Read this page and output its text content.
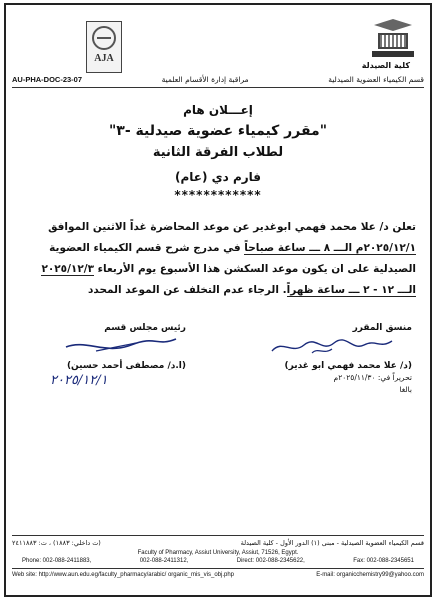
AJA
كلية الصيدلة
AU-PHA-DOC-23-07	مراقبة إدارة الأقسام العلمية	قسم الكيمياء العضوية الصيدلية
إعـــلان هام
"مقرر كيمياء عضوية صيدلية -٣"
لطلاب الفرقة الثانية
فارم دي (عام)
************
تعلن د/ علا محمد فهمي ابوغدير عن موعد المحاضرة غداً الاثنين الموافق
٢٠٢٥/١٢/١م الـــ ٨ ـــ ساعة صباحاً في مدرج شرح قسم الكيمياء العضوية
الصيدلية على ان يكون موعد السكشن هذا الأسبوع يوم الأربعاء ٢٠٢٥/١٢/٣
الـــ ١٢ - ٢ ـــ ساعة ظهراً. الرجاء عدم التخلف عن الموعد المحدد
منسق المقرر
(د/ علا محمد فهمي ابو غدير)
تحريراً في: ٢٠٢٥/١١/٣٠م
بالغا
رئيس مجلس قسم
(ا.د/ مصطفى أحمد حسين)
٢٠٢٥/١٢/١
قسم الكيمياء العضوية الصيدلية - مبنى (١) الدور الأول - كلية الصيدلة
(ت داخلي: ١٨٨٣) ، ت: ٢٤١١٨٨٣
Faculty of Pharmacy, Assiut University, Assiut, 71526, Egypt.
Phone: 002-088-2411883,	002-088-2411312,	Direct: 002-088-2345622,	Fax: 002-088-2345651
Web site: http://www.aun.edu.eg/faculty_pharmacy/arabic/ organic_mis_vis_obj.php	E-mail: organicchemistry99@yahoo.com
